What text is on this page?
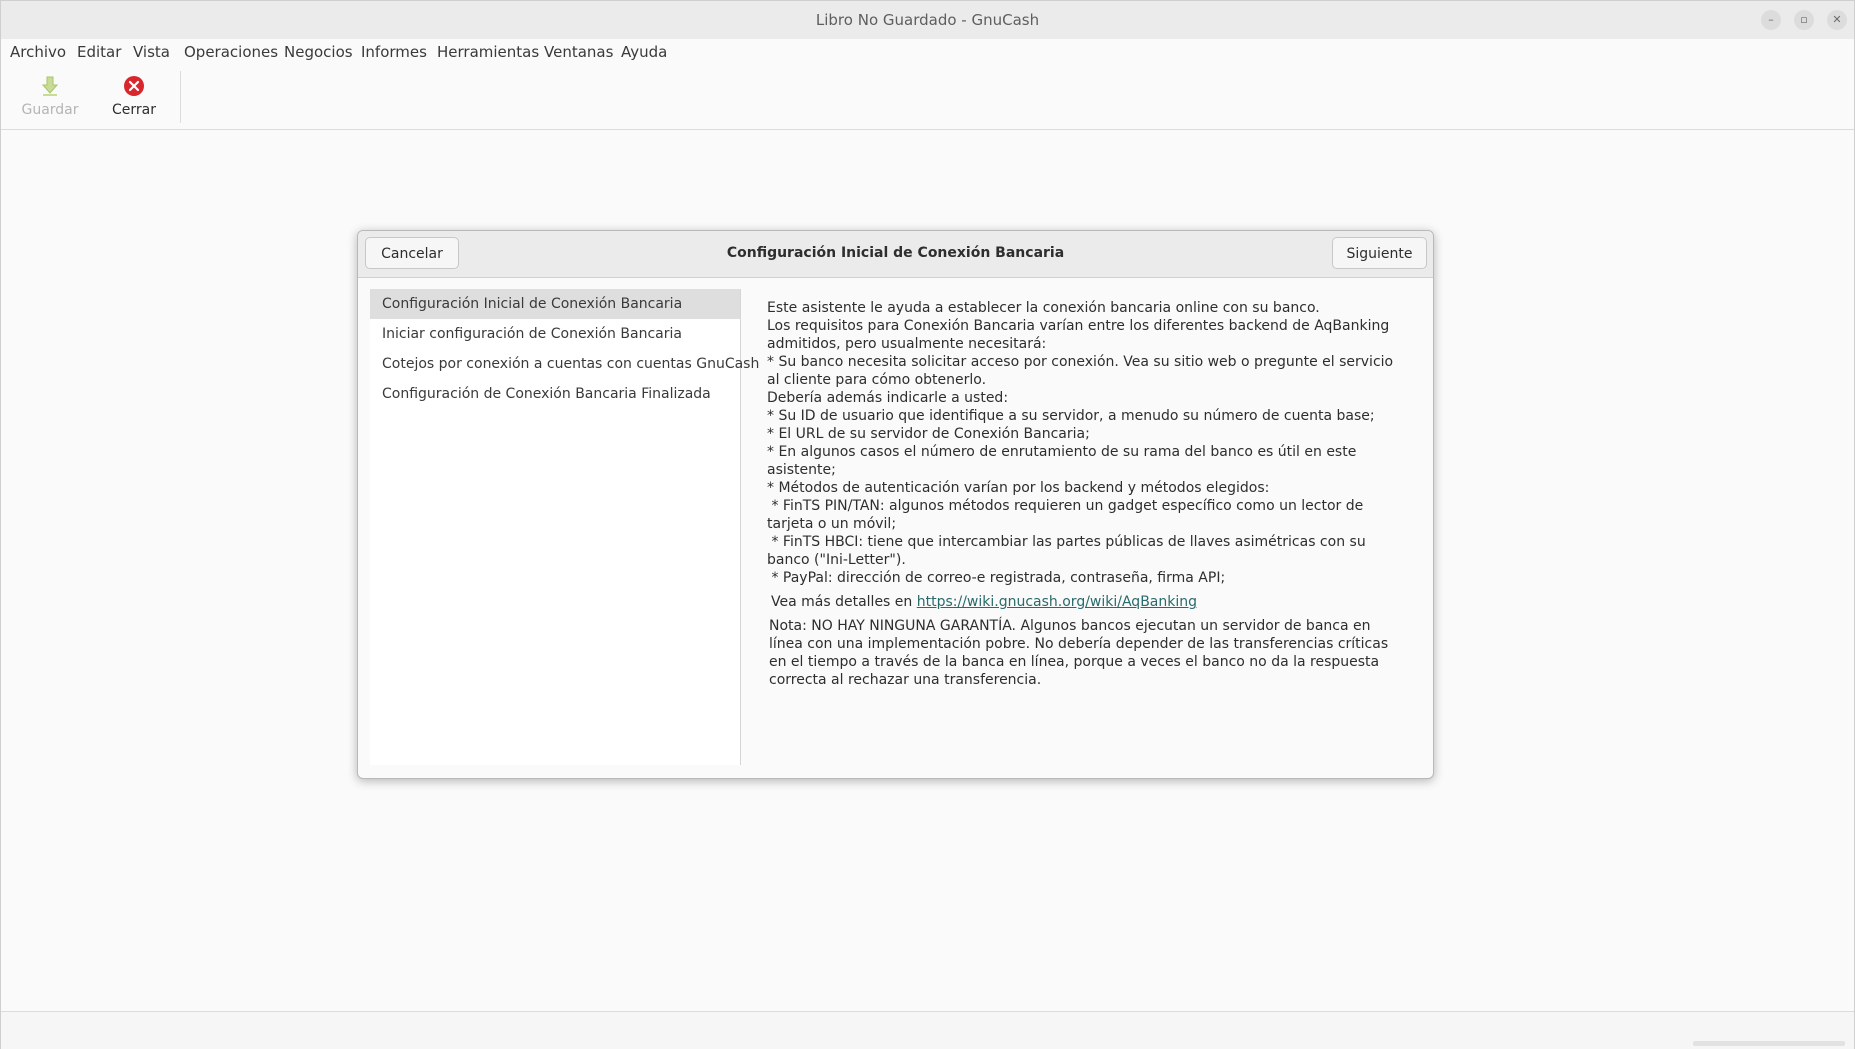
Libro No Guardado - GnuCash	–	▫	✕
Archivo Editar Vista Operaciones Negocios Informes Herramientas Ventanas Ayuda
Guardar	Cerrar
Cancelar	Configuración Inicial de Conexión Bancaria	Siguiente
Configuración Inicial de Conexión Bancaria
Iniciar configuración de Conexión Bancaria
Cotejos por conexión a cuentas con cuentas GnuCash
Configuración de Conexión Bancaria Finalizada

Este asistente le ayuda a establecer la conexión bancaria online con su banco.
Los requisitos para Conexión Bancaria varían entre los diferentes backend de AqBanking admitidos, pero usualmente necesitará:
* Su banco necesita solicitar acceso por conexión. Vea su sitio web o pregunte el servicio al cliente para cómo obtenerlo.
Debería además indicarle a usted:
* Su ID de usuario que identifique a su servidor, a menudo su número de cuenta base;
* El URL de su servidor de Conexión Bancaria;
* En algunos casos el número de enrutamiento de su rama del banco es útil en este asistente;
* Métodos de autenticación varían por los backend y métodos elegidos:
* FinTS PIN/TAN: algunos métodos requieren un gadget específico como un lector de tarjeta o un móvil;
* FinTS HBCI: tiene que intercambiar las partes públicas de llaves asimétricas con su banco ("Ini-Letter").
* PayPal: dirección de correo-e registrada, contraseña, firma API;

Vea más detalles en https://wiki.gnucash.org/wiki/AqBanking

Nota: NO HAY NINGUNA GARANTÍA. Algunos bancos ejecutan un servidor de banca en línea con una implementación pobre. No debería depender de las transferencias críticas en el tiempo a través de la banca en línea, porque a veces el banco no da la respuesta correcta al rechazar una transferencia.
